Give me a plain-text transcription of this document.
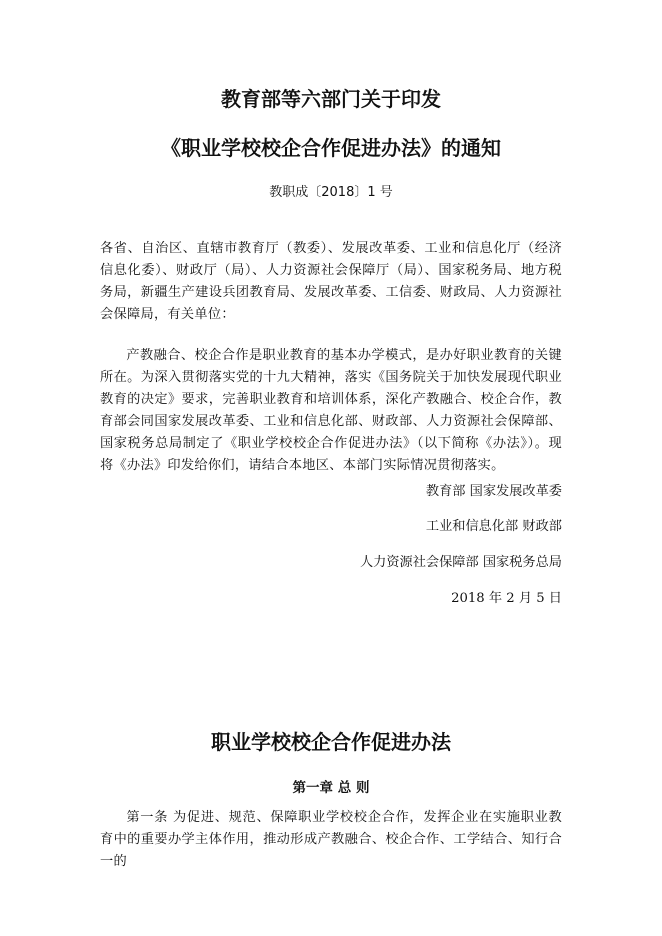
教育部等六部门关于印发
《职业学校校企合作促进办法》的通知
教职成〔2018〕1 号
各省、自治区、直辖市教育厅（教委）、发展改革委、工业和信息化厅（经济信息化委）、财政厅（局）、人力资源社会保障厅（局）、国家税务局、地方税务局，新疆生产建设兵团教育局、发展改革委、工信委、财政局、人力资源社会保障局，有关单位：
产教融合、校企合作是职业教育的基本办学模式，是办好职业教育的关键所在。为深入贯彻落实党的十九大精神，落实《国务院关于加快发展现代职业教育的决定》要求，完善职业教育和培训体系，深化产教融合、校企合作，教育部会同国家发展改革委、工业和信息化部、财政部、人力资源社会保障部、国家税务总局制定了《职业学校校企合作促进办法》（以下简称《办法》）。现将《办法》印发给你们，请结合本地区、本部门实际情况贯彻落实。
教育部 国家发展改革委
工业和信息化部 财政部
人力资源社会保障部 国家税务总局
2018 年 2 月 5 日
职业学校校企合作促进办法
第一章 总 则
第一条 为促进、规范、保障职业学校校企合作，发挥企业在实施职业教育中的重要办学主体作用，推动形成产教融合、校企合作、工学结合、知行合一的
